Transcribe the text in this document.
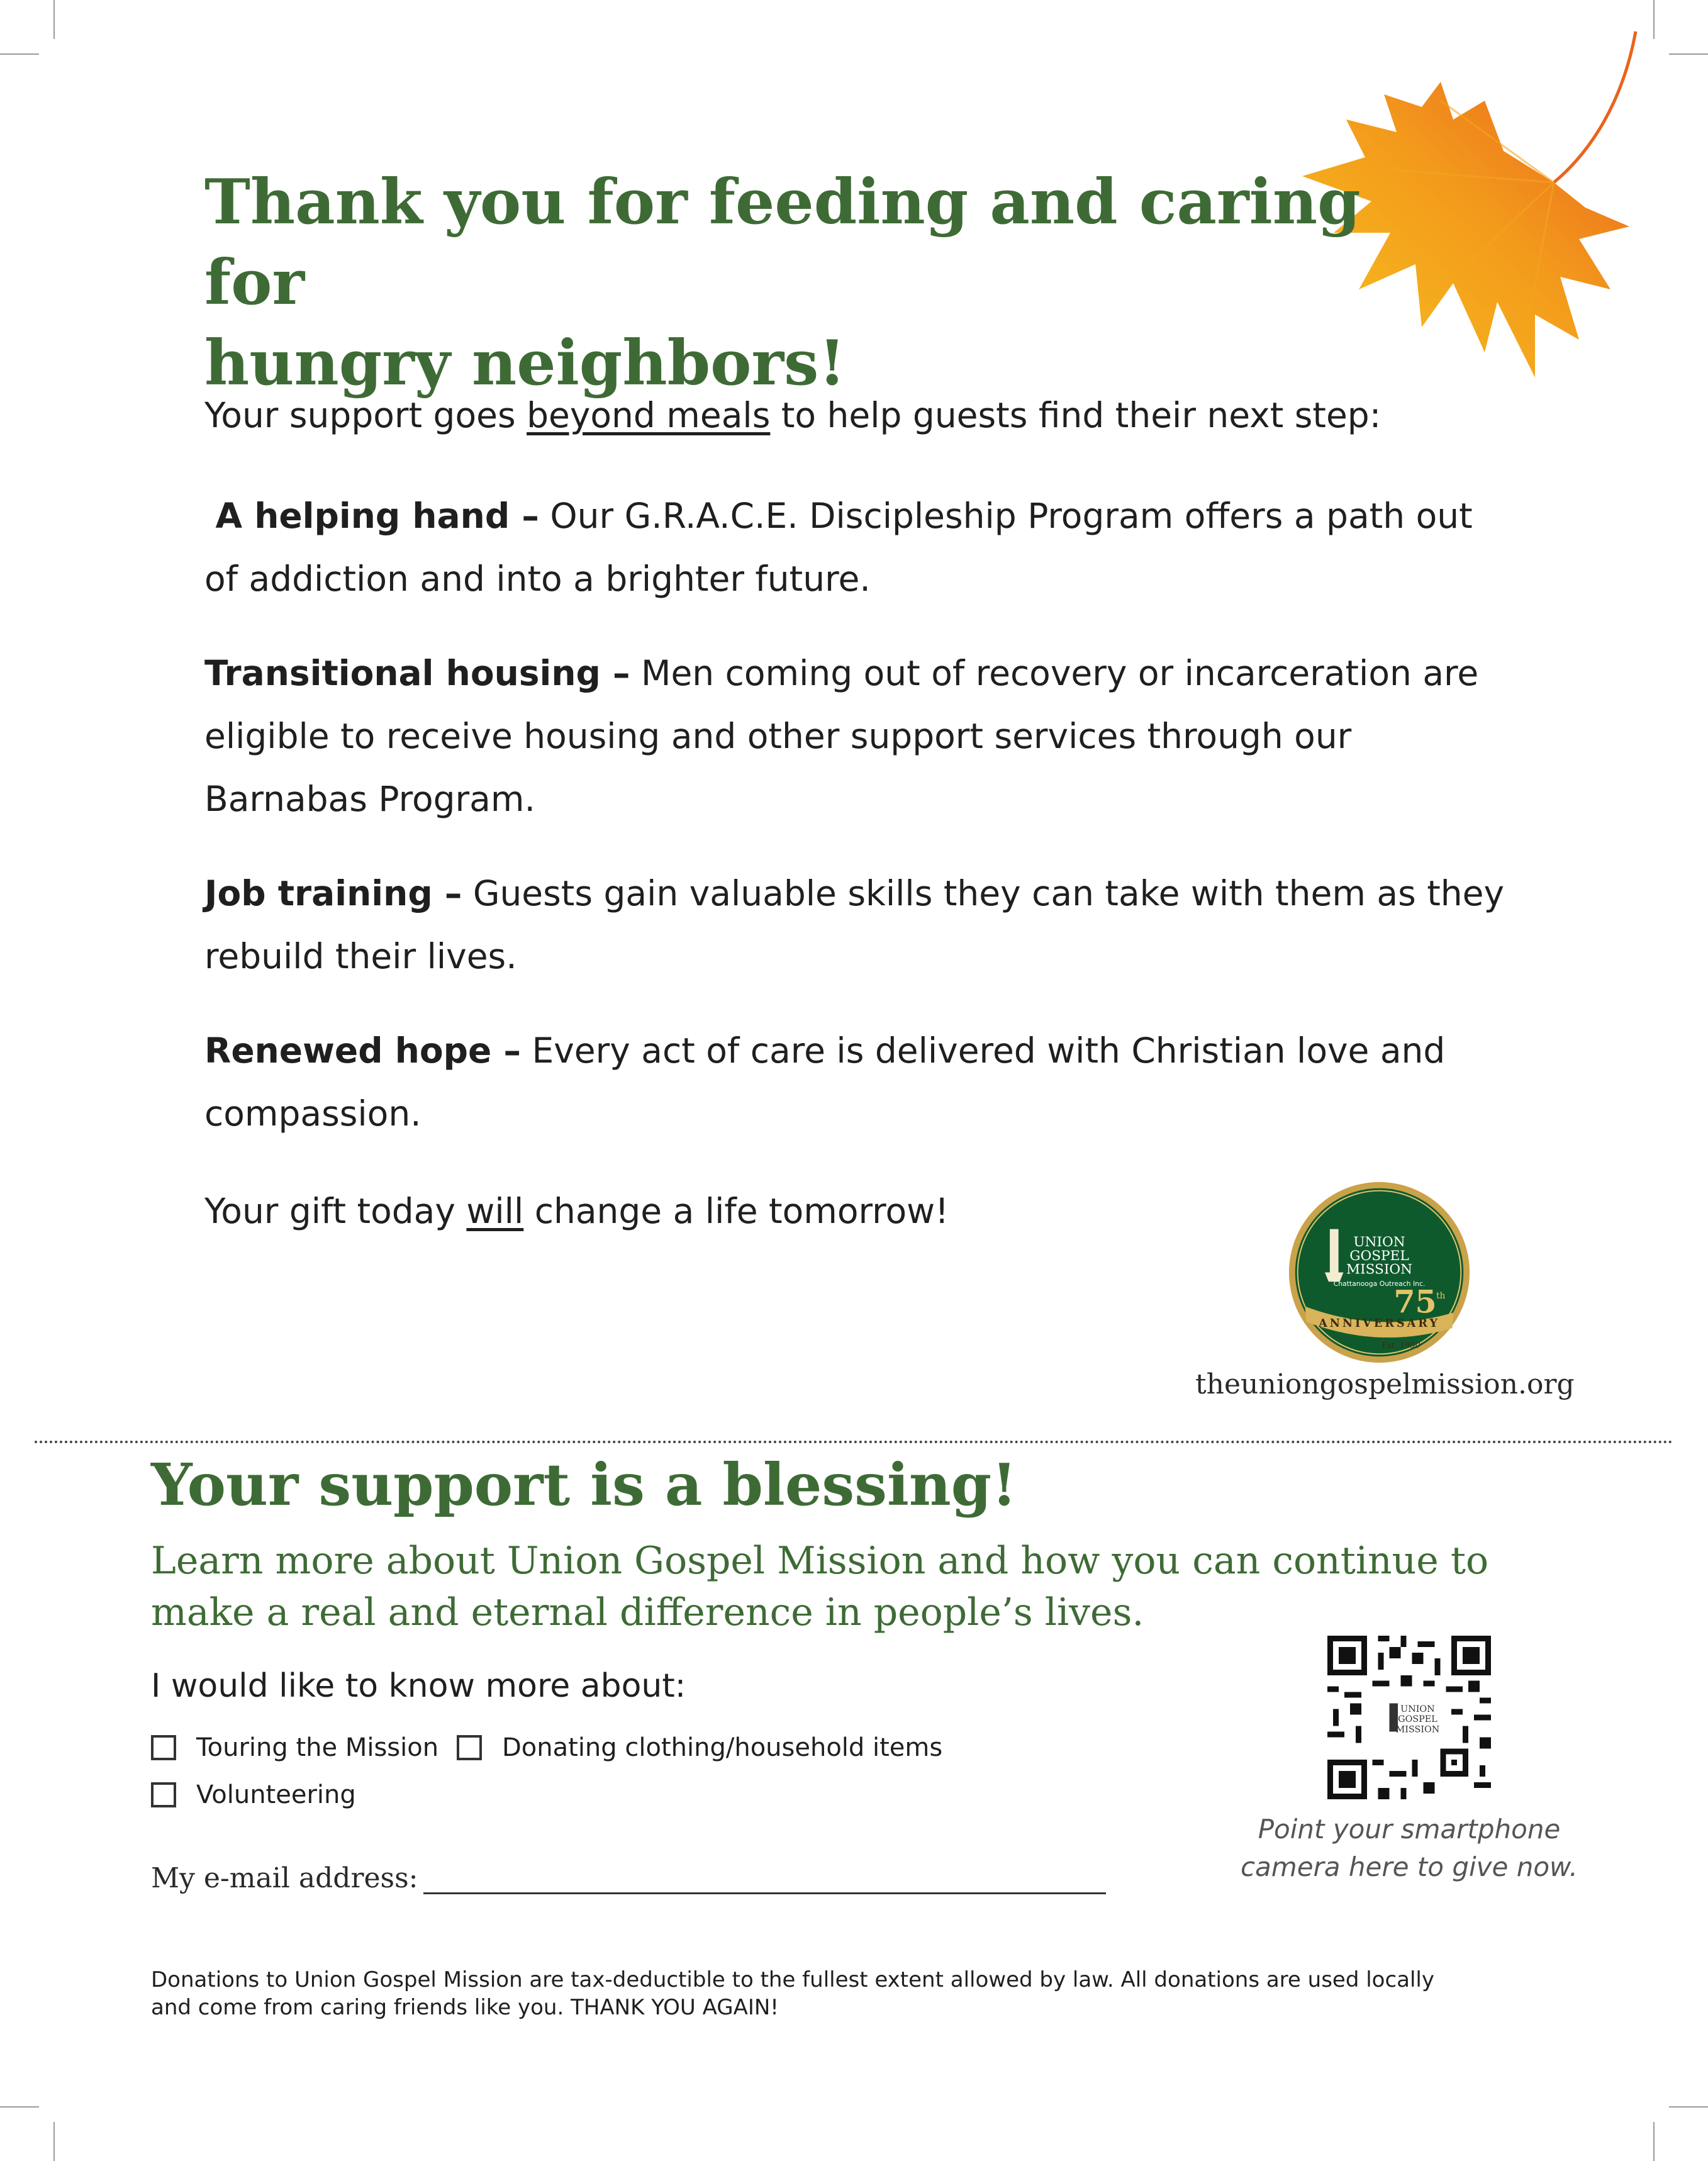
Thank you for feeding and caring for
hungry neighbors!
Your support goes beyond meals to help guests find their next step:
A helping hand – Our G.R.A.C.E. Discipleship Program offers a path out of addiction and into a brighter future.
Transitional housing – Men coming out of recovery or incarceration are eligible to receive housing and other support services through our Barnabas Program.
Job training – Guests gain valuable skills they can take with them as they rebuild their lives.
Renewed hope – Every act of care is delivered with Christian love and compassion.
Your gift today will change a life tomorrow!
UNION
GOSPEL
MISSION
Chattanooga Outreach Inc.
75 th
ANNIVERSARY
Est. 1950
theuniongospelmission.org
Your support is a blessing!
Learn more about Union Gospel Mission and how you can continue to make a real and eternal difference in people’s lives.
I would like to know more about:
Touring the Mission	Donating clothing/household items
Volunteering
My e-mail address:
UNION
GOSPEL
MISSION
Point your smartphone
camera here to give now.
Donations to Union Gospel Mission are tax-deductible to the fullest extent allowed by law. All donations are used locally
and come from caring friends like you. THANK YOU AGAIN!
